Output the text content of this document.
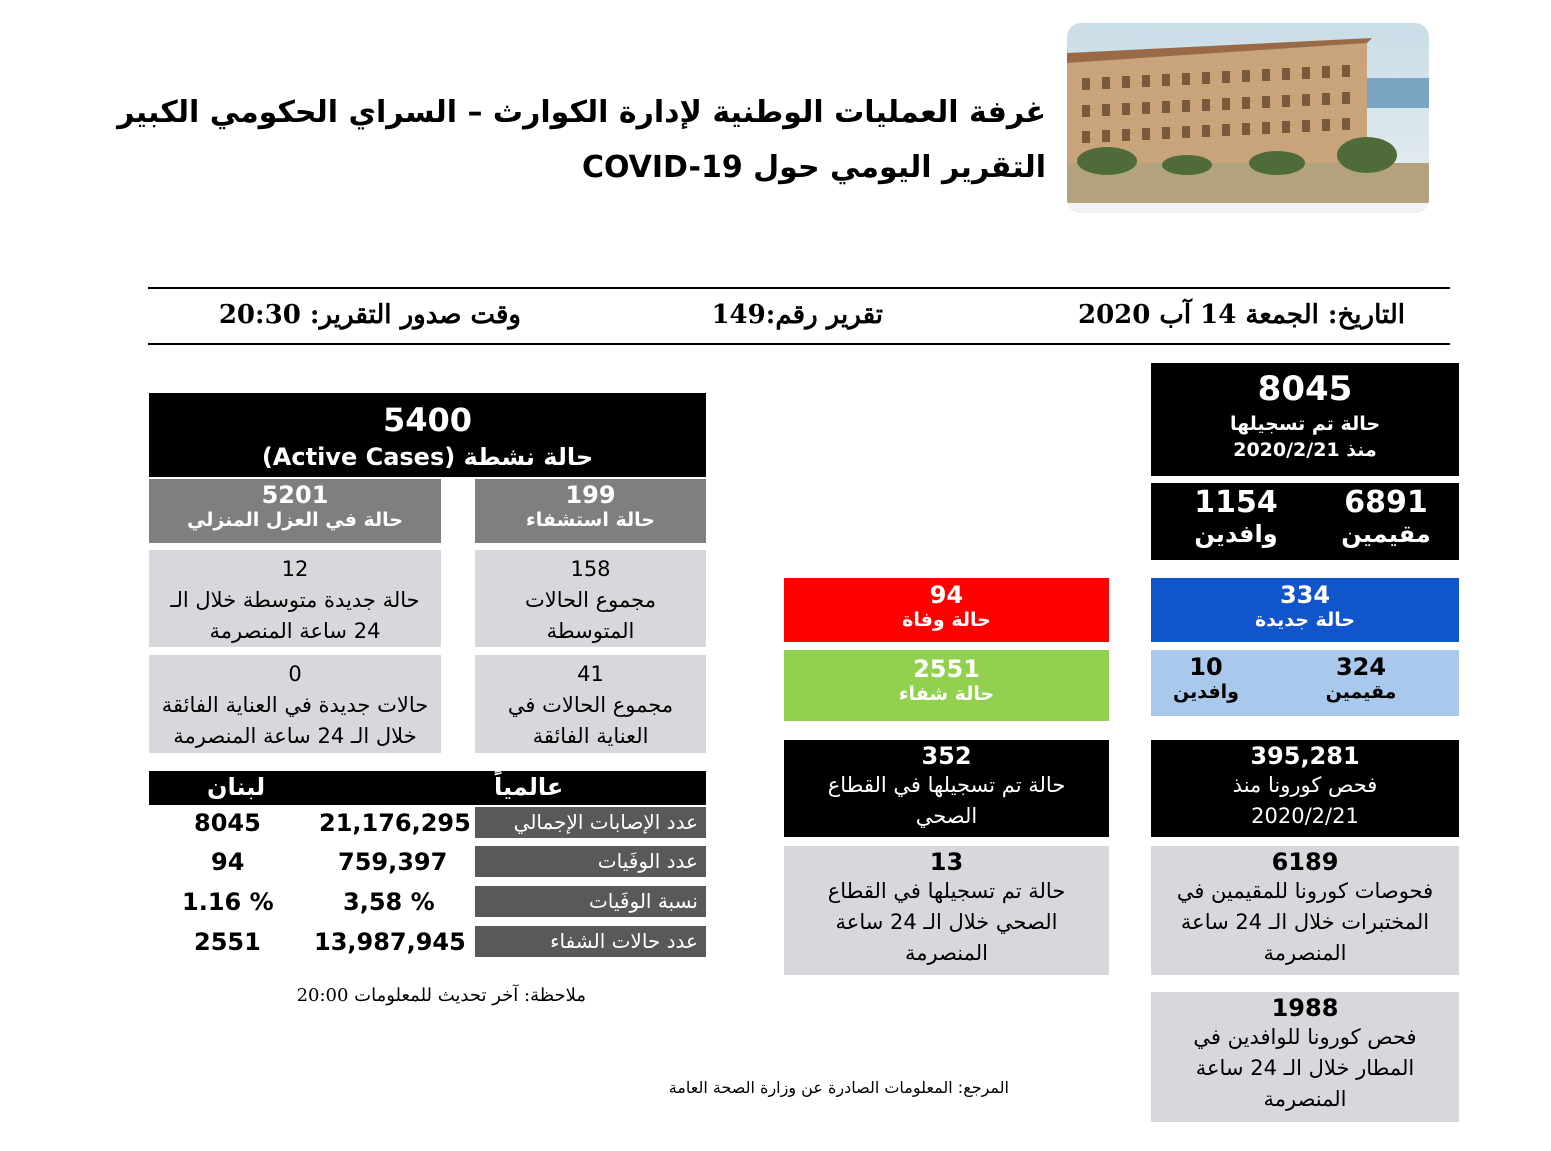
غرفة العمليات الوطنية لإدارة الكوارث – السراي الحكومي الكبير
التقرير اليومي حول COVID-19
التاريخ: الجمعة 14 آب 2020
تقرير رقم:149
وقت صدور التقرير: 20:30
5400
حالة نشطة (Active Cases)
199
حالة استشفاء
5201
حالة في العزل المنزلي
158
مجموع الحالات المتوسطة
12
حالة جديدة متوسطة خلال الـ 24 ساعة المنصرمة
41
مجموع الحالات في العناية الفائقة
0
حالات جديدة في العناية الفائقة خلال الـ 24 ساعة المنصرمة
عالمياً
لبنان
8045 21,176,295	عدد الإصابات الإجمالي
94	759,397	عدد الوفَيات
1.16 %	3,58 %	نسبة الوفَيات
2551 13,987,945	عدد حالات الشفاء
ملاحظة: آخر تحديث للمعلومات 20:00
المرجع: المعلومات الصادرة عن وزارة الصحة العامة
94
حالة وفاة
2551
حالة شفاء
352
حالة تم تسجيلها في القطاع الصحي
13
حالة تم تسجيلها في القطاع الصحي خلال الـ 24 ساعة المنصرمة
8045
حالة تم تسجيلها
منذ 2020/2/21
6891
مقيمين
1154
وافدين
334
حالة جديدة
324
مقيمين
10
وافدين
395,281
فحص كورونا منذ
2020/2/21
6189
فحوصات كورونا للمقيمين في المختبرات خلال الـ 24 ساعة المنصرمة
1988
فحص كورونا للوافدين في المطار خلال الـ 24 ساعة المنصرمة
